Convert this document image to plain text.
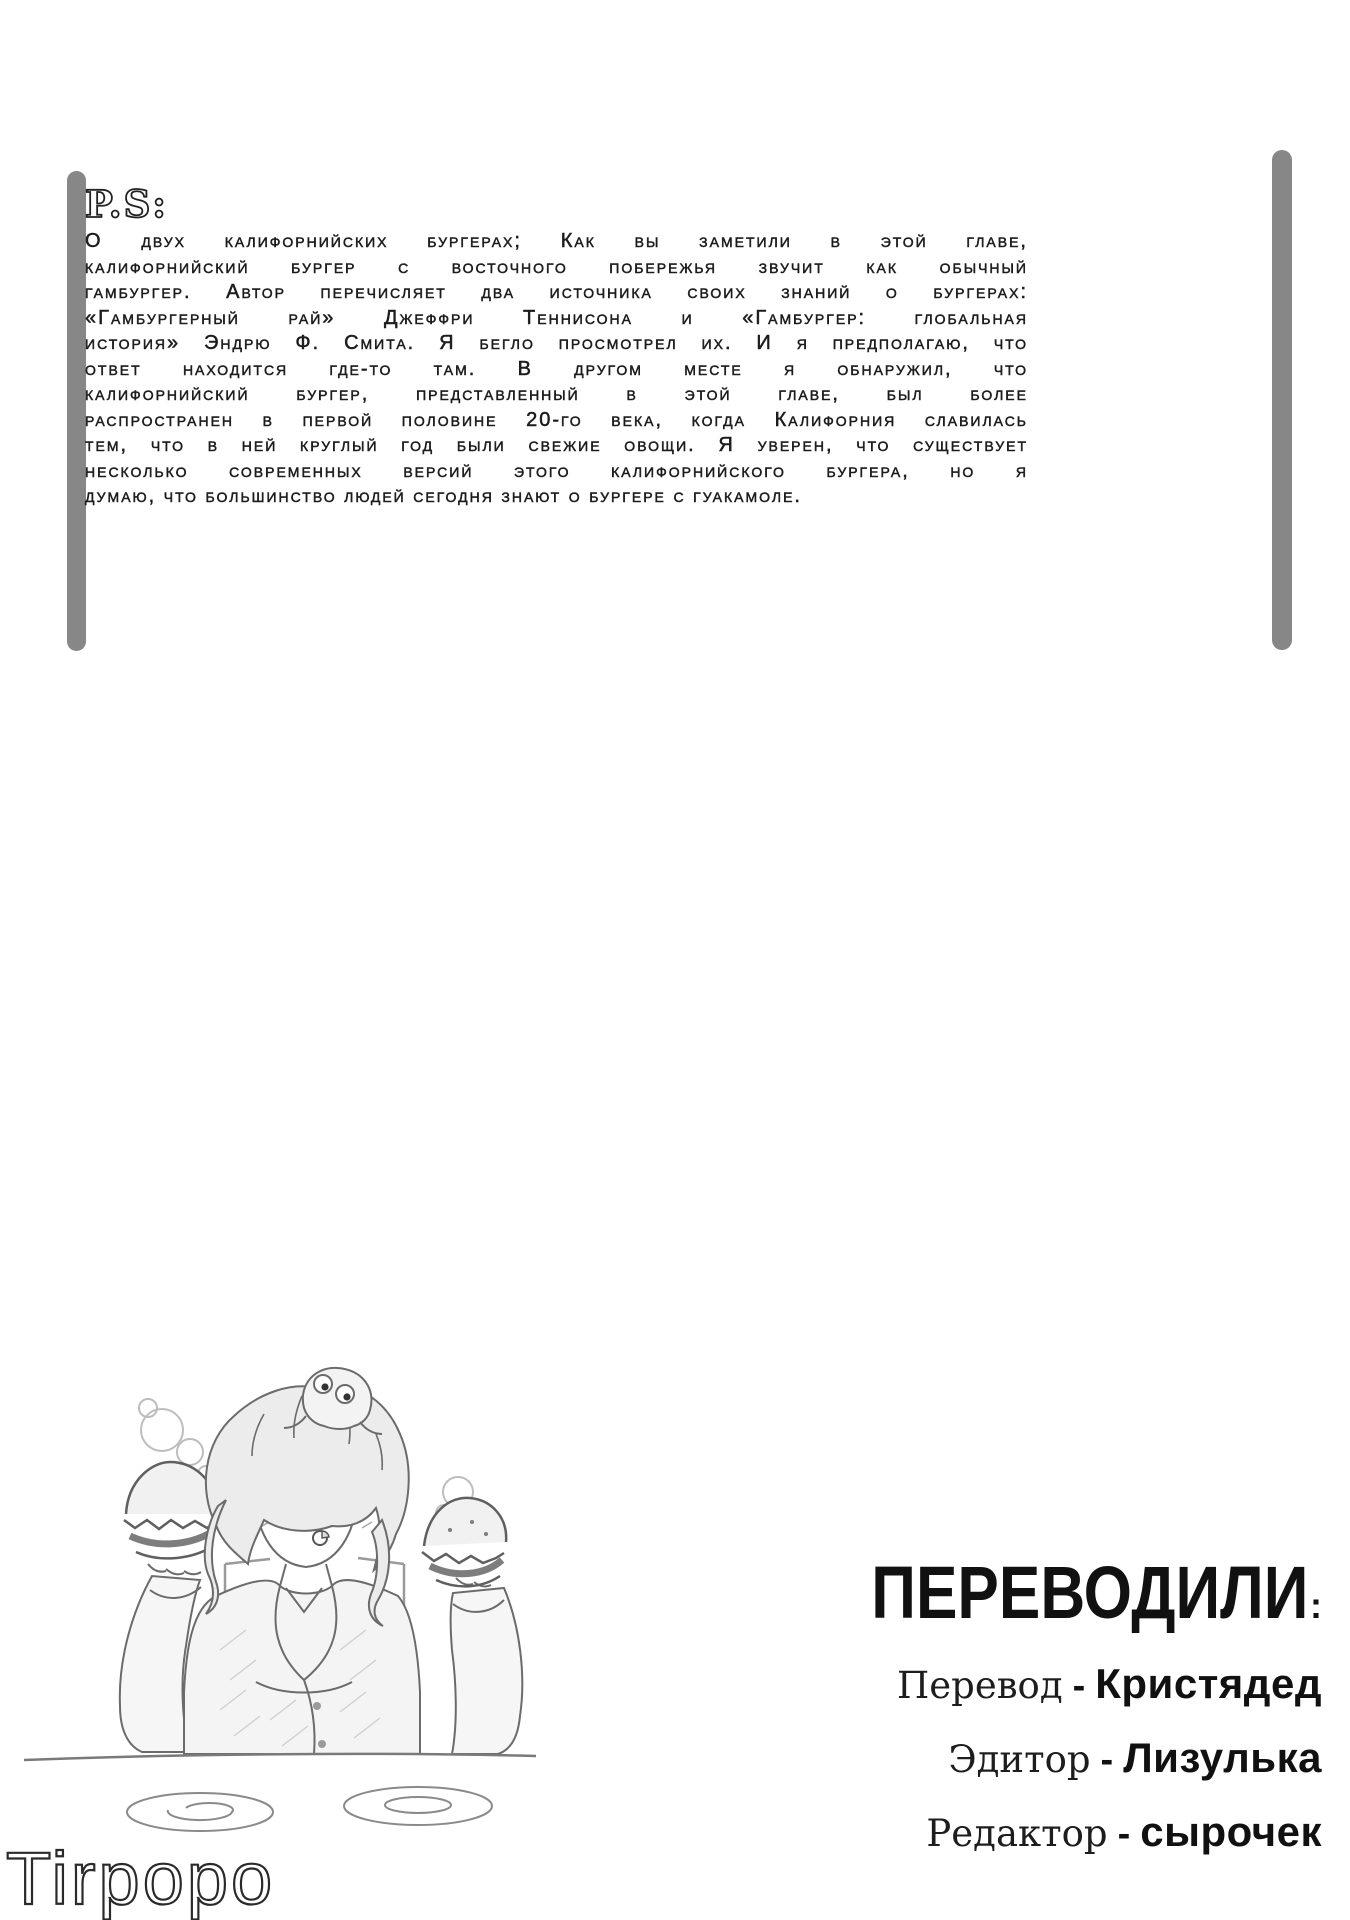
P.S:
О двух калифорнийских бургерах; Как вы заметили в этой главе,
калифорнийский бургер с восточного побережья звучит как обычный
гамбургер. Автор перечисляет два источника своих знаний о бургерах:
«Гамбургерный рай» Джеффри Теннисона и «Гамбургер: глобальная
история» Эндрю Ф. Смита. Я бегло просмотрел их. И я предполагаю, что
ответ находится где-то там. В другом месте я обнаружил, что
калифорнийский бургер, представленный в этой главе, был более
распространен в первой половине 20-го века, когда Калифорния славилась
тем, что в ней круглый год были свежие овощи. Я уверен, что существует
несколько современных версий этого калифорнийского бургера, но я
думаю, что большинство людей сегодня знают о бургере с гуакамоле.
ПЕРЕВОДИЛИ:
Перевод - Кристядед
Эдитор - Лизулька
Редактор - сырочек
Tirpopo
